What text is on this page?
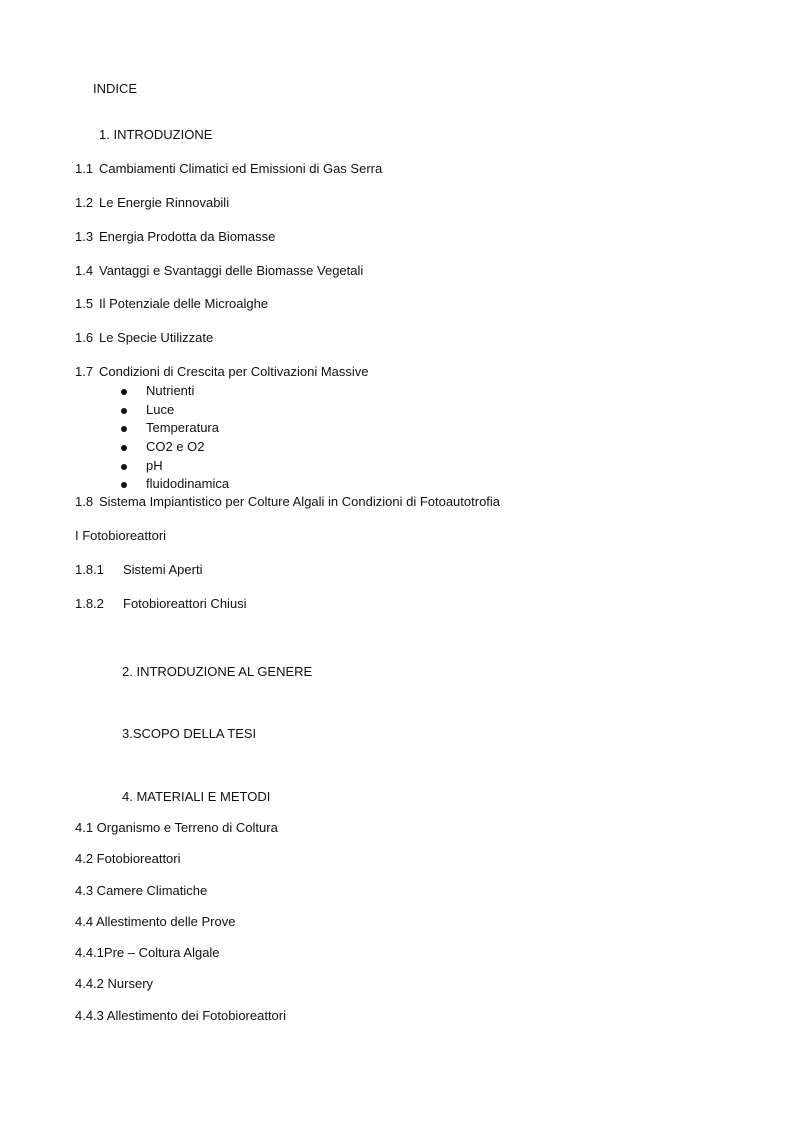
INDICE
1. INTRODUZIONE
1.1 Cambiamenti Climatici ed Emissioni di Gas Serra
1.2 Le Energie Rinnovabili
1.3 Energia Prodotta da Biomasse
1.4 Vantaggi e Svantaggi delle Biomasse Vegetali
1.5 Il Potenziale delle Microalghe
1.6 Le Specie Utilizzate
1.7 Condizioni di Crescita per Coltivazioni Massive
Nutrienti
Luce
Temperatura
CO2 e O2
pH
fluidodinamica
1.8 Sistema Impiantistico per Colture Algali in Condizioni di Fotoautotrofia
I Fotobioreattori
1.8.1 Sistemi Aperti
1.8.2 Fotobioreattori Chiusi
2. INTRODUZIONE AL GENERE
3.SCOPO DELLA TESI
4. MATERIALI E METODI
4.1 Organismo e Terreno di Coltura
4.2 Fotobioreattori
4.3 Camere Climatiche
4.4 Allestimento delle Prove
4.4.1Pre – Coltura Algale
4.4.2 Nursery
4.4.3 Allestimento dei Fotobioreattori
